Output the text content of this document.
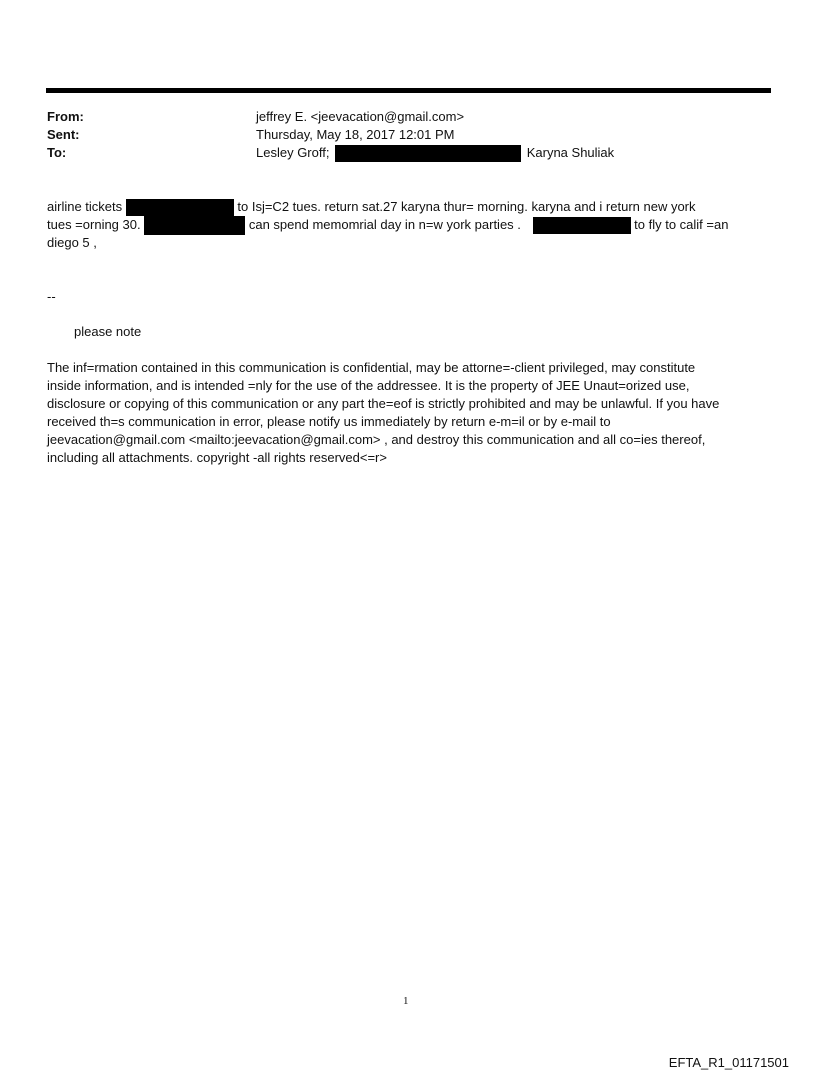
From:	jeffrey E. <jeevacation@gmail.com>
Sent:	Thursday, May 18, 2017 12:01 PM
To:	Lesley Groff;	Karyna Shuliak
airline tickets	to Isj=C2 tues. return sat.27 karyna thur= morning. karyna and i return new york
tues =orning 30.	can spend memomrial day in n=w york parties .	to fly to calif =an
diego 5 ,
--
please note
The inf=rmation contained in this communication is confidential, may be attorne=-client privileged, may constitute
inside information, and is intended =nly for the use of the addressee. It is the property of JEE Unaut=orized use,
disclosure or copying of this communication or any part the=eof is strictly prohibited and may be unlawful. If you have
received th=s communication in error, please notify us immediately by return e-m=il or by e-mail to
jeevacation@gmail.com <mailto:jeevacation@gmail.com> , and destroy this communication and all co=ies thereof,
including all attachments. copyright -all rights reserved<=r>
1
EFTA_R1_01171501
